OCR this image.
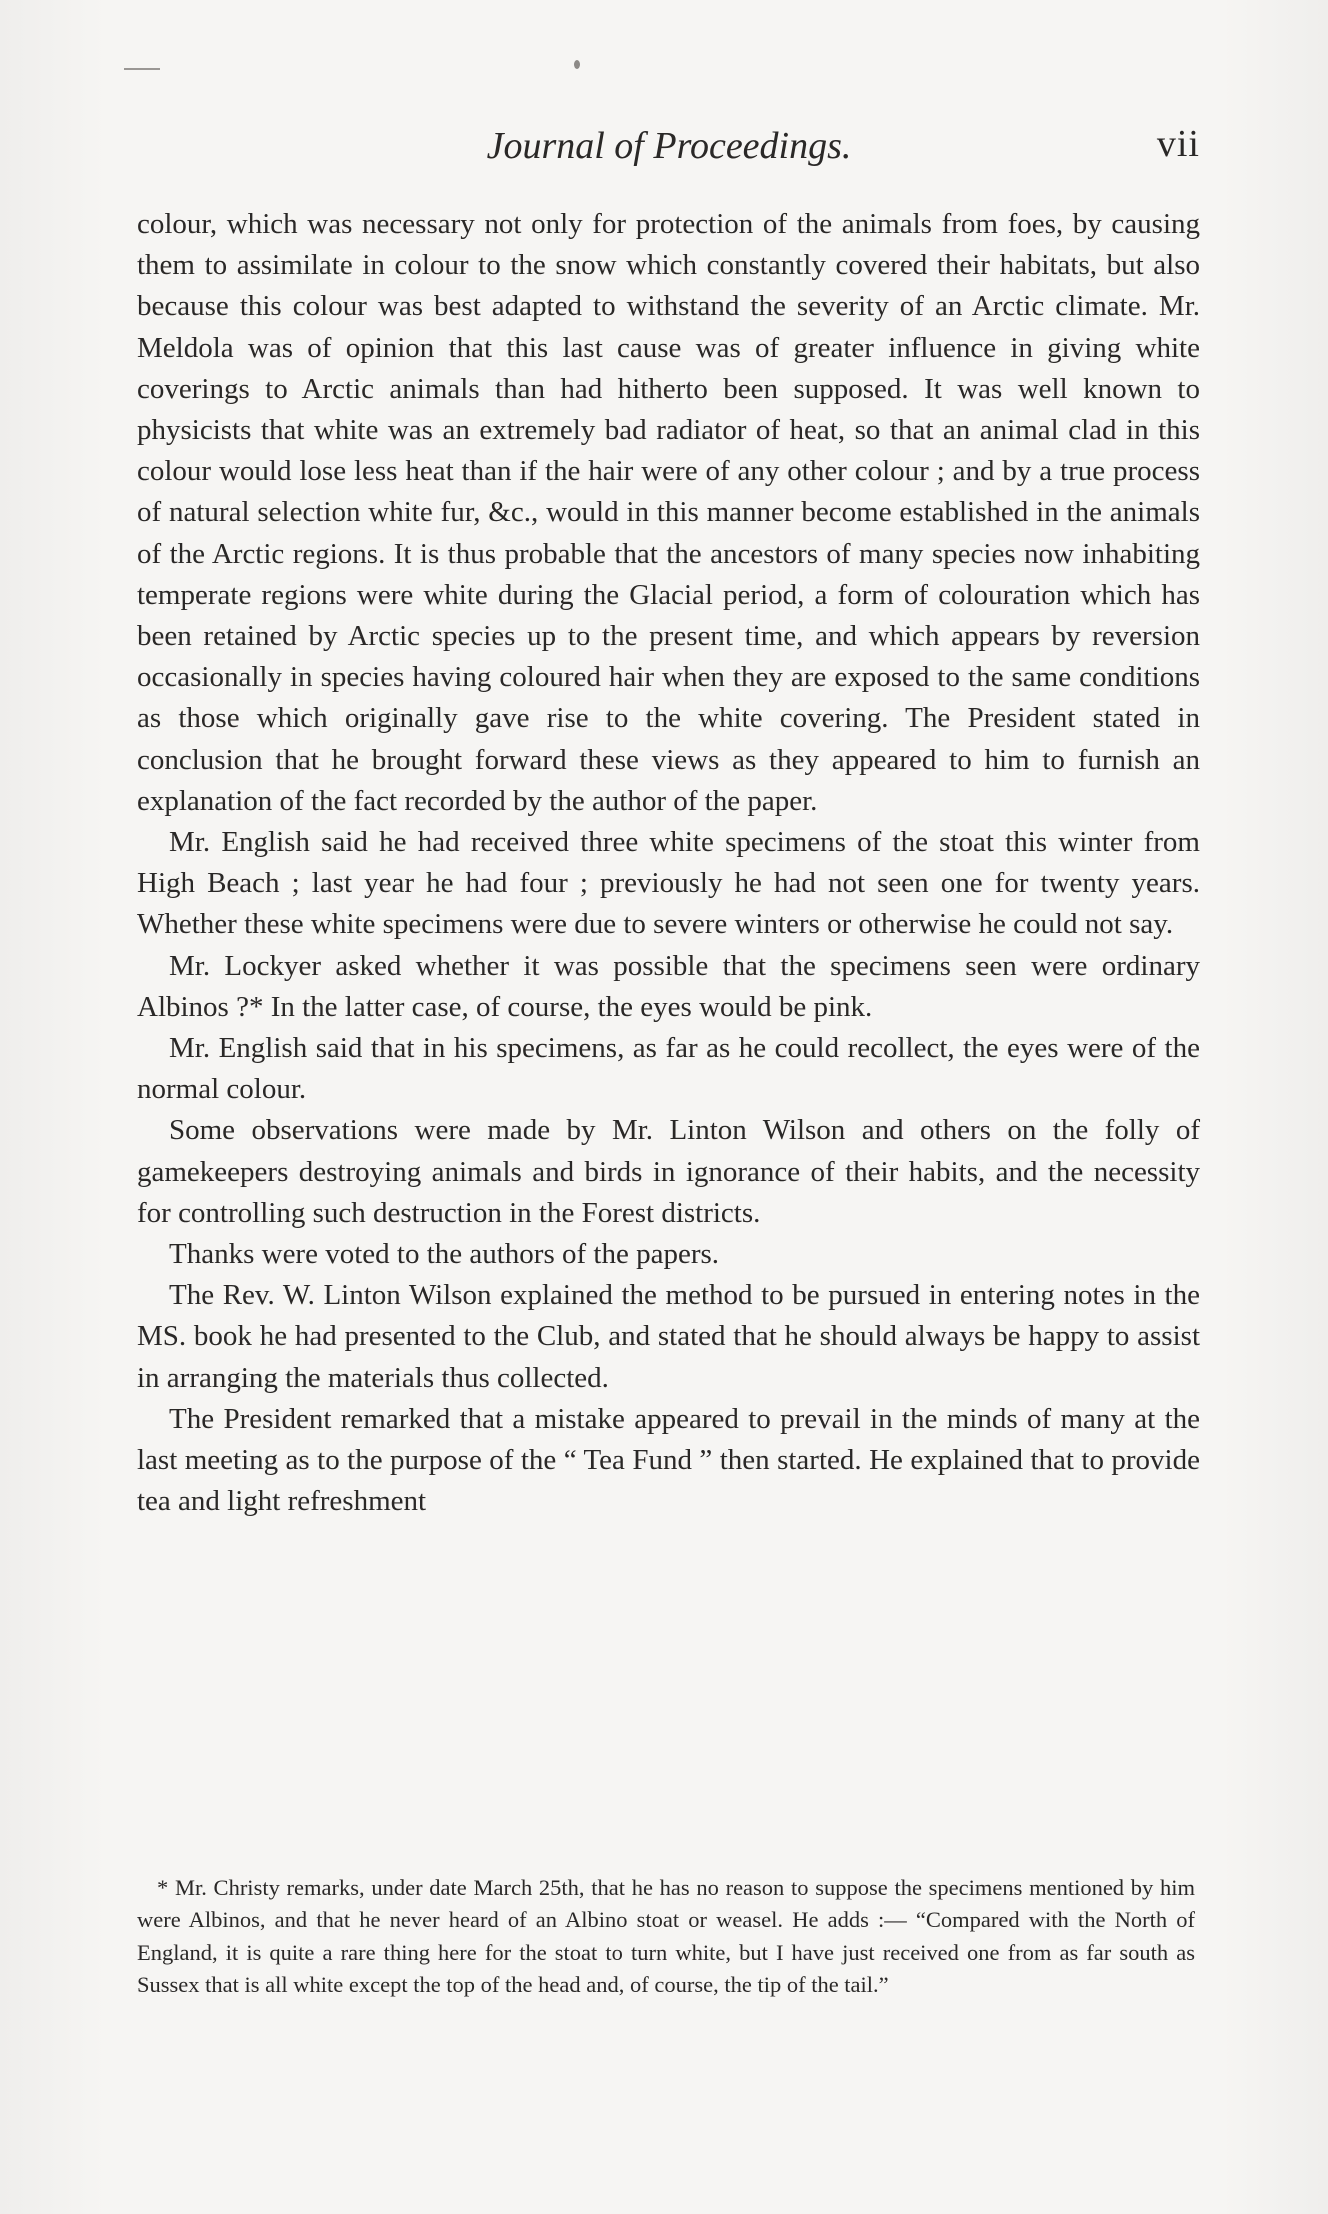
Journal of Proceedings.	vii

colour, which was necessary not only for protection of the animals from foes, by causing them to assimilate in colour to the snow which constantly covered their habitats, but also because this colour was best adapted to withstand the severity of an Arctic climate. Mr. Meldola was of opinion that this last cause was of greater influence in giving white coverings to Arctic animals than had hitherto been supposed. It was well known to physicists that white was an extremely bad radiator of heat, so that an animal clad in this colour would lose less heat than if the hair were of any other colour ; and by a true process of natural selection white fur, &c., would in this manner become established in the animals of the Arctic regions. It is thus probable that the ancestors of many species now inhabiting temperate regions were white during the Glacial period, a form of colouration which has been retained by Arctic species up to the present time, and which appears by reversion occasionally in species having coloured hair when they are exposed to the same conditions as those which originally gave rise to the white covering. The President stated in conclusion that he brought forward these views as they appeared to him to furnish an explanation of the fact recorded by the author of the paper.

Mr. English said he had received three white specimens of the stoat this winter from High Beach ; last year he had four ; previously he had not seen one for twenty years. Whether these white specimens were due to severe winters or otherwise he could not say.

Mr. Lockyer asked whether it was possible that the specimens seen were ordinary Albinos ?* In the latter case, of course, the eyes would be pink.

Mr. English said that in his specimens, as far as he could recollect, the eyes were of the normal colour.

Some observations were made by Mr. Linton Wilson and others on the folly of gamekeepers destroying animals and birds in ignorance of their habits, and the necessity for controlling such destruction in the Forest districts.

Thanks were voted to the authors of the papers.

The Rev. W. Linton Wilson explained the method to be pursued in entering notes in the MS. book he had presented to the Club, and stated that he should always be happy to assist in arranging the materials thus collected.

The President remarked that a mistake appeared to prevail in the minds of many at the last meeting as to the purpose of the “ Tea Fund ” then started. He explained that to provide tea and light refreshment

* Mr. Christy remarks, under date March 25th, that he has no reason to suppose the specimens mentioned by him were Albinos, and that he never heard of an Albino stoat or weasel. He adds :— “Compared with the North of England, it is quite a rare thing here for the stoat to turn white, but I have just received one from as far south as Sussex that is all white except the top of the head and, of course, the tip of the tail.”
